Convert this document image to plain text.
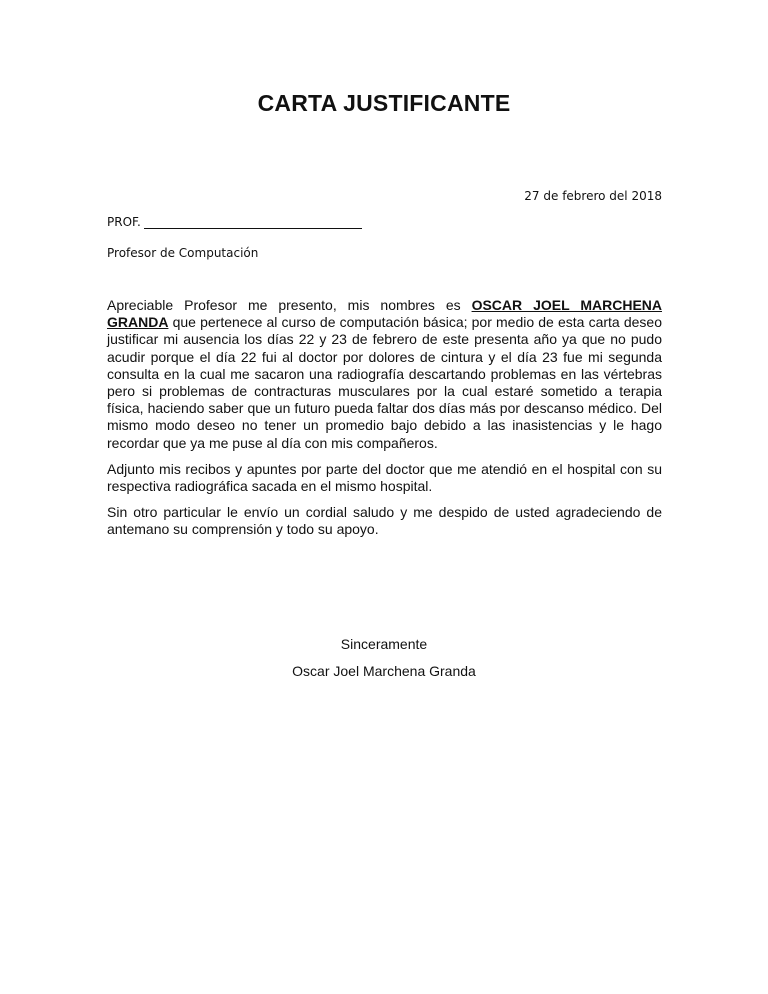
CARTA JUSTIFICANTE
27 de febrero del 2018
PROF.
Profesor de Computación

Apreciable Profesor me presento, mis nombres es OSCAR JOEL MARCHENA GRANDA que pertenece al curso de computación básica; por medio de esta carta deseo justificar mi ausencia los días 22 y 23 de febrero de este presenta año ya que no pudo acudir porque el día 22 fui al doctor por dolores de cintura y el día 23 fue mi segunda consulta en la cual me sacaron una radiografía descartando problemas en las vértebras pero si problemas de contracturas musculares por la cual estaré sometido a terapia física, haciendo saber que un futuro pueda faltar dos días más por descanso médico. Del mismo modo deseo no tener un promedio bajo debido a las inasistencias y le hago recordar que ya me puse al día con mis compañeros.

Adjunto mis recibos y apuntes por parte del doctor que me atendió en el hospital con su respectiva radiográfica sacada en el mismo hospital.

Sin otro particular le envío un cordial saludo y me despido de usted agradeciendo de antemano su comprensión y todo su apoyo.

Sinceramente
Oscar Joel Marchena Granda
